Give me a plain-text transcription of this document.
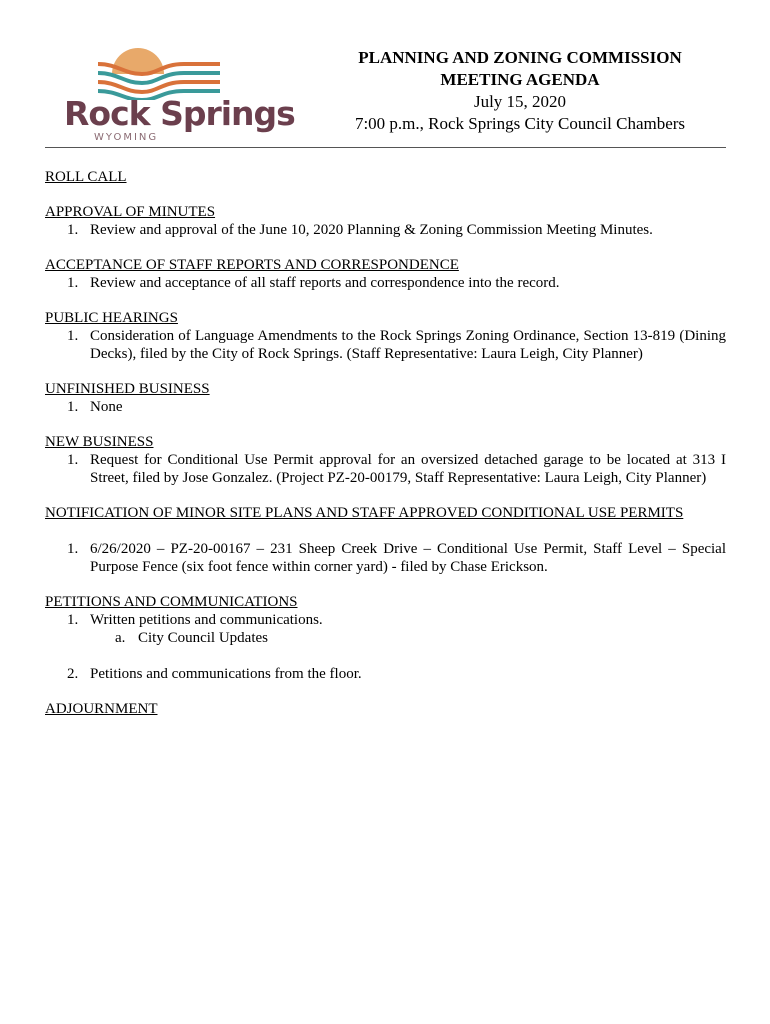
Rock Springs
WYOMING
PLANNING AND ZONING COMMISSION
MEETING AGENDA
July 15, 2020
7:00 p.m., Rock Springs City Council Chambers
ROLL CALL
APPROVAL OF MINUTES
1. Review and approval of the June 10, 2020 Planning & Zoning Commission Meeting Minutes.
ACCEPTANCE OF STAFF REPORTS AND CORRESPONDENCE
1. Review and acceptance of all staff reports and correspondence into the record.
PUBLIC HEARINGS
1. Consideration of Language Amendments to the Rock Springs Zoning Ordinance, Section 13-819 (Dining Decks), filed by the City of Rock Springs. (Staff Representative: Laura Leigh, City Planner)
UNFINISHED BUSINESS
1. None
NEW BUSINESS
1. Request for Conditional Use Permit approval for an oversized detached garage to be located at 313 I Street, filed by Jose Gonzalez. (Project PZ-20-00179, Staff Representative: Laura Leigh, City Planner)
NOTIFICATION OF MINOR SITE PLANS AND STAFF APPROVED CONDITIONAL USE PERMITS
1. 6/26/2020 – PZ-20-00167 – 231 Sheep Creek Drive – Conditional Use Permit, Staff Level – Special Purpose Fence (six foot fence within corner yard) - filed by Chase Erickson.
PETITIONS AND COMMUNICATIONS
1. Written petitions and communications.
a. City Council Updates
2. Petitions and communications from the floor.
ADJOURNMENT
